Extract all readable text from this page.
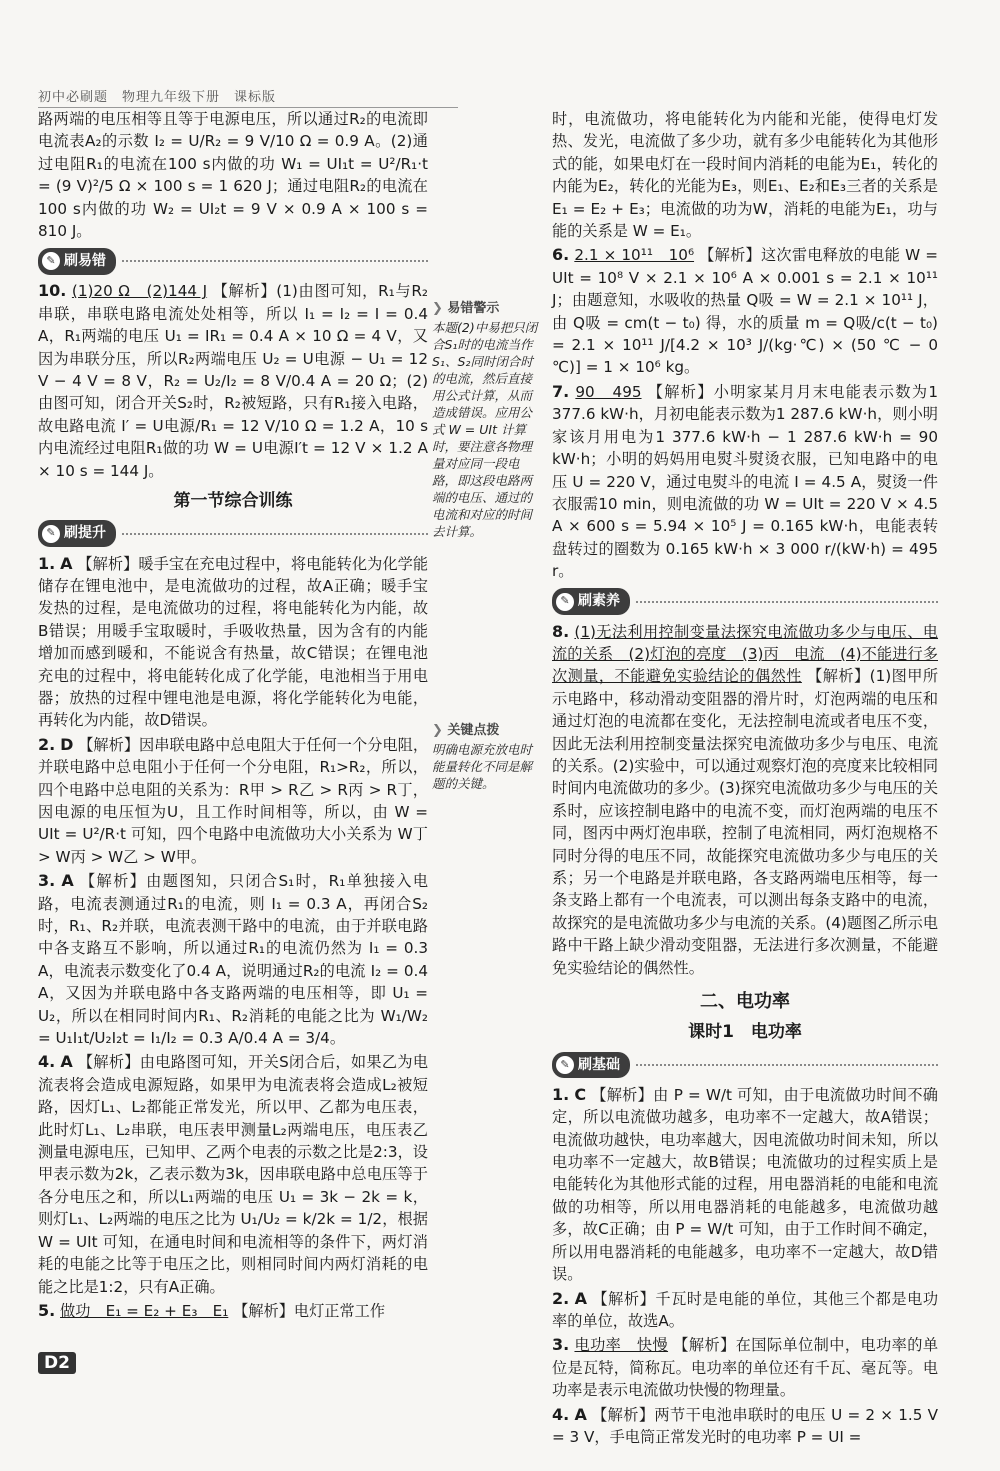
初中必刷题　物理九年级下册　课标版

路两端的电压相等且等于电源电压，所以通过R₂的电流即电流表A₂的示数 I₂ = U/R₂ = 9 V/10 Ω = 0.9 A。(2)通过电阻R₁的电流在100 s内做的功 W₁ = UI₁t = U²/R₁·t = (9 V)²/5 Ω × 100 s = 1 620 J；通过电阻R₂的电流在100 s内做的功 W₂ = UI₂t = 9 V × 0.9 A × 100 s = 810 J。

✎ 刷易错

10. (1)20 Ω　(2)144 J 【解析】(1)由图可知，R₁与R₂串联，串联电路电流处处相等，所以 I₁ = I₂ = I = 0.4 A，R₁两端的电压 U₁ = IR₁ = 0.4 A × 10 Ω = 4 V，又因为串联分压，所以R₂两端电压 U₂ = U电源 − U₁ = 12 V − 4 V = 8 V，R₂ = U₂/I₂ = 8 V/0.4 A = 20 Ω；(2)由图可知，闭合开关S₂时，R₂被短路，只有R₁接入电路，故电路电流 I′ = U电源/R₁ = 12 V/10 Ω = 1.2 A，10 s内电流经过电阻R₁做的功 W = U电源I′t = 12 V × 1.2 A × 10 s = 144 J。

第一节综合训练
✎ 刷提升

1. A 【解析】暖手宝在充电过程中，将电能转化为化学能储存在锂电池中，是电流做功的过程，故A正确；暖手宝发热的过程，是电流做功的过程，将电能转化为内能，故B错误；用暖手宝取暖时，手吸收热量，因为含有的内能增加而感到暖和，不能说含有热量，故C错误；在锂电池充电的过程中，将电能转化成了化学能，电池相当于用电器；放热的过程中锂电池是电源，将化学能转化为电能，再转化为内能，故D错误。

2. D 【解析】因串联电路中总电阻大于任何一个分电阻，并联电路中总电阻小于任何一个分电阻，R₁>R₂，所以，四个电路中总电阻的关系为：R甲 > R乙 > R丙 > R丁，因电源的电压恒为U，且工作时间相等，所以，由 W = UIt = U²/R·t 可知，四个电路中电流做功大小关系为 W丁 > W丙 > W乙 > W甲。

3. A 【解析】由题图知，只闭合S₁时，R₁单独接入电路，电流表测通过R₁的电流，则 I₁ = 0.3 A，再闭合S₂时，R₁、R₂并联，电流表测干路中的电流，由于并联电路中各支路互不影响，所以通过R₁的电流仍然为 I₁ = 0.3 A，电流表示数变化了0.4 A，说明通过R₂的电流 I₂ = 0.4 A，又因为并联电路中各支路两端的电压相等，即 U₁ = U₂，所以在相同时间内R₁、R₂消耗的电能之比为 W₁/W₂ = U₁I₁t/U₂I₂t = I₁/I₂ = 0.3 A/0.4 A = 3/4。

4. A 【解析】由电路图可知，开关S闭合后，如果乙为电流表将会造成电源短路，如果甲为电流表将会造成L₂被短路，因灯L₁、L₂都能正常发光，所以甲、乙都为电压表，此时灯L₁、L₂串联，电压表甲测量L₂两端电压，电压表乙测量电源电压，已知甲、乙两个电表的示数之比是2:3，设甲表示数为2k，乙表示数为3k，因串联电路中总电压等于各分电压之和，所以L₁两端的电压 U₁ = 3k − 2k = k，则灯L₁、L₂两端的电压之比为 U₁/U₂ = k/2k = 1/2，根据 W = UIt 可知，在通电时间和电流相等的条件下，两灯消耗的电能之比等于电压之比，则相同时间内两灯消耗的电能之比是1:2，只有A正确。

5. 做功　E₁ = E₂ + E₃　E₁ 【解析】电灯正常工作

❯ 易错警示
本题(2)中易把只闭合S₁时的电流当作S₁、S₂同时闭合时的电流，然后直接用公式计算，从而造成错误。应用公式 W = UIt 计算时，要注意各物理量对应同一段电路，即这段电路两端的电压、通过的电流和对应的时间去计算。
❯ 关键点拨
明确电源充放电时能量转化不同是解题的关键。

时，电流做功，将电能转化为内能和光能，使得电灯发热、发光，电流做了多少功，就有多少电能转化为其他形式的能，如果电灯在一段时间内消耗的电能为E₁，转化的内能为E₂，转化的光能为E₃，则E₁、E₂和E₃三者的关系是 E₁ = E₂ + E₃；电流做的功为W，消耗的电能为E₁，功与能的关系是 W = E₁。

6. 2.1 × 10¹¹　10⁶ 【解析】这次雷电释放的电能 W = UIt = 10⁸ V × 2.1 × 10⁶ A × 0.001 s = 2.1 × 10¹¹ J；由题意知，水吸收的热量 Q吸 = W = 2.1 × 10¹¹ J，由 Q吸 = cm(t − t₀) 得，水的质量 m = Q吸/c(t − t₀) = 2.1 × 10¹¹ J/[4.2 × 10³ J/(kg·℃) × (50 ℃ − 0 ℃)] = 1 × 10⁶ kg。

7. 90　495 【解析】小明家某月月末电能表示数为1 377.6 kW·h，月初电能表示数为1 287.6 kW·h，则小明家该月用电为1 377.6 kW·h − 1 287.6 kW·h = 90 kW·h；小明的妈妈用电熨斗熨烫衣服，已知电路中的电压 U = 220 V，通过电熨斗的电流 I = 4.5 A，熨烫一件衣服需10 min，则电流做的功 W = UIt = 220 V × 4.5 A × 600 s = 5.94 × 10⁵ J = 0.165 kW·h，电能表转盘转过的圈数为 0.165 kW·h × 3 000 r/(kW·h) = 495 r。

✎ 刷素养

8. (1)无法利用控制变量法探究电流做功多少与电压、电流的关系　(2)灯泡的亮度　(3)丙　电流　(4)不能进行多次测量，不能避免实验结论的偶然性 【解析】(1)图甲所示电路中，移动滑动变阻器的滑片时，灯泡两端的电压和通过灯泡的电流都在变化，无法控制电流或者电压不变，因此无法利用控制变量法探究电流做功多少与电压、电流的关系。(2)实验中，可以通过观察灯泡的亮度来比较相同时间内电流做功的多少。(3)探究电流做功多少与电压的关系时，应该控制电路中的电流不变，而灯泡两端的电压不同，图丙中两灯泡串联，控制了电流相同，两灯泡规格不同时分得的电压不同，故能探究电流做功多少与电压的关系；另一个电路是并联电路，各支路两端电压相等，每一条支路上都有一个电流表，可以测出每条支路中的电流，故探究的是电流做功多少与电流的关系。(4)题图乙所示电路中干路上缺少滑动变阻器，无法进行多次测量，不能避免实验结论的偶然性。

二、电功率
课时1　电功率
✎ 刷基础

1. C 【解析】由 P = W/t 可知，由于电流做功时间不确定，所以电流做功越多，电功率不一定越大，故A错误；电流做功越快，电功率越大，因电流做功时间未知，所以电功率不一定越大，故B错误；电流做功的过程实质上是电能转化为其他形式能的过程，用电器消耗的电能和电流做的功相等，所以用电器消耗的电能越多，电流做功越多，故C正确；由 P = W/t 可知，由于工作时间不确定，所以用电器消耗的电能越多，电功率不一定越大，故D错误。

2. A 【解析】千瓦时是电能的单位，其他三个都是电功率的单位，故选A。

3. 电功率　快慢 【解析】在国际单位制中，电功率的单位是瓦特，简称瓦。电功率的单位还有千瓦、毫瓦等。电功率是表示电流做功快慢的物理量。

4. A 【解析】两节干电池串联时的电压 U = 2 × 1.5 V = 3 V，手电筒正常发光时的电功率 P = UI =

D2
